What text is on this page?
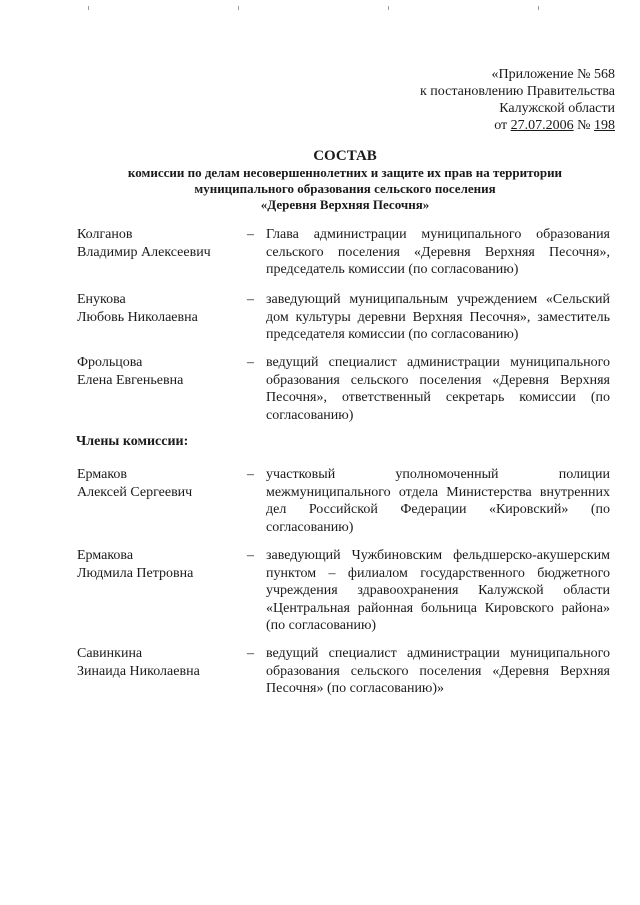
«Приложение № 568
к постановлению Правительства
Калужской области
от 27.07.2006 № 198
СОСТАВ
комиссии по делам несовершеннолетних и защите их прав на территории
муниципального образования сельского поселения
«Деревня Верхняя Песочня»
Колганов
Владимир Алексеевич
– Глава администрации муниципального образования сельского поселения «Деревня Верхняя Песочня», председатель комиссии (по согласованию)
Енукова
Любовь Николаевна
– заведующий муниципальным учреждением «Сельский дом культуры деревни Верхняя Песочня», заместитель председателя комиссии (по согласованию)
Фрольцова
Елена Евгеньевна
– ведущий специалист администрации муниципального образования сельского поселения «Деревня Верхняя Песочня», ответственный секретарь комиссии (по согласованию)
Члены комиссии:
Ермаков
Алексей Сергеевич
– участковый уполномоченный полиции межмуниципального отдела Министерства внутренних дел Российской Федерации «Кировский» (по согласованию)
Ермакова
Людмила Петровна
– заведующий Чужбиновским фельдшерско-акушерским пунктом – филиалом государственного бюджетного учреждения здравоохранения Калужской области «Центральная районная больница Кировского района» (по согласованию)
Савинкина
Зинаида Николаевна
– ведущий специалист администрации муниципального образования сельского поселения «Деревня Верхняя Песочня» (по согласованию)»
